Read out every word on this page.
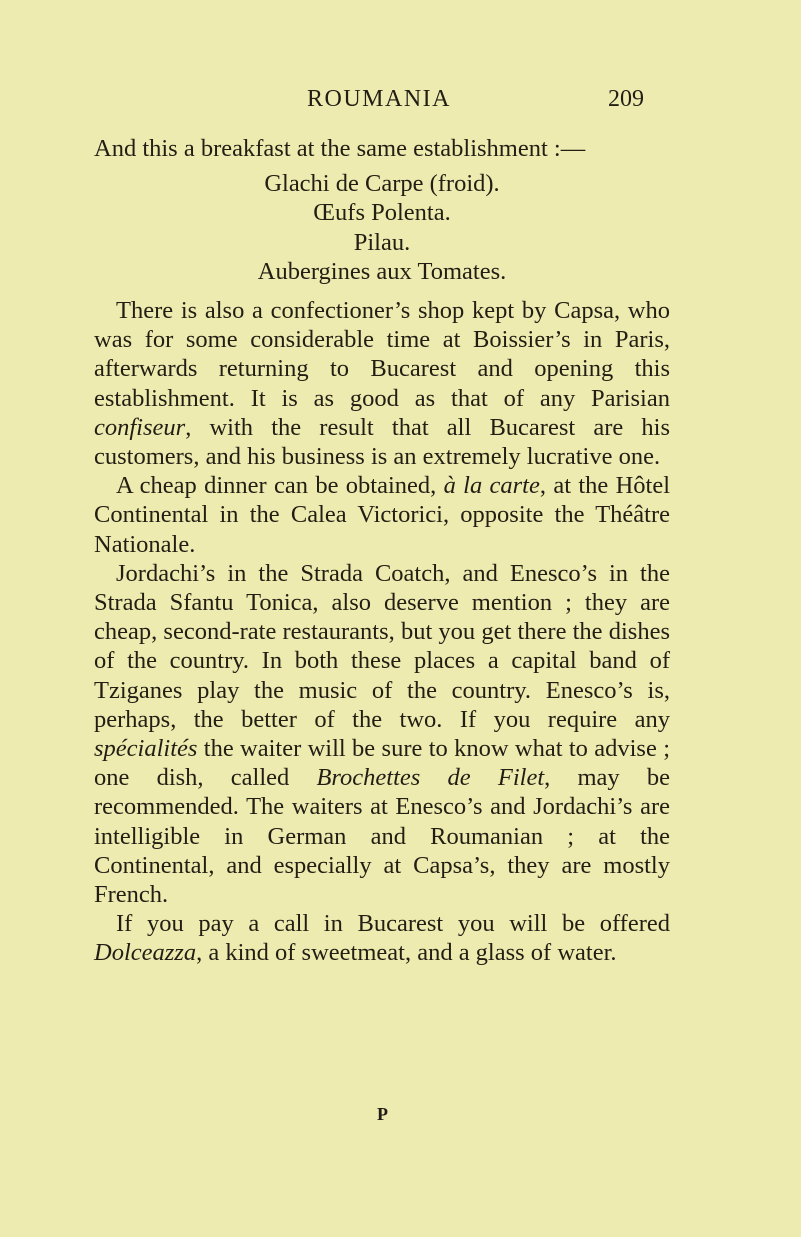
ROUMANIA	209

And this a breakfast at the same establishment :—

Glachi de Carpe (froid).
Œufs Polenta.
Pilau.
Aubergines aux Tomates.

There is also a confectioner’s shop kept by Capsa, who was for some considerable time at Boissier’s in Paris, afterwards returning to Bucarest and opening this establishment. It is as good as that of any Parisian confiseur, with the result that all Bucarest are his customers, and his business is an extremely lucrative one.

A cheap dinner can be obtained, à la carte, at the Hôtel Continental in the Calea Victorici, opposite the Théâtre Nationale.

Jordachi’s in the Strada Coatch, and Enesco’s in the Strada Sfantu Tonica, also deserve mention ; they are cheap, second-rate restaurants, but you get there the dishes of the country. In both these places a capital band of Tziganes play the music of the country. Enesco’s is, perhaps, the better of the two. If you require any spécialités the waiter will be sure to know what to advise ; one dish, called Brochettes de Filet, may be recommended. The waiters at Enesco’s and Jordachi’s are intelligible in German and Roumanian ; at the Continental, and especially at Capsa’s, they are mostly French.

If you pay a call in Bucarest you will be offered Dolceazza, a kind of sweetmeat, and a glass of water.

P
